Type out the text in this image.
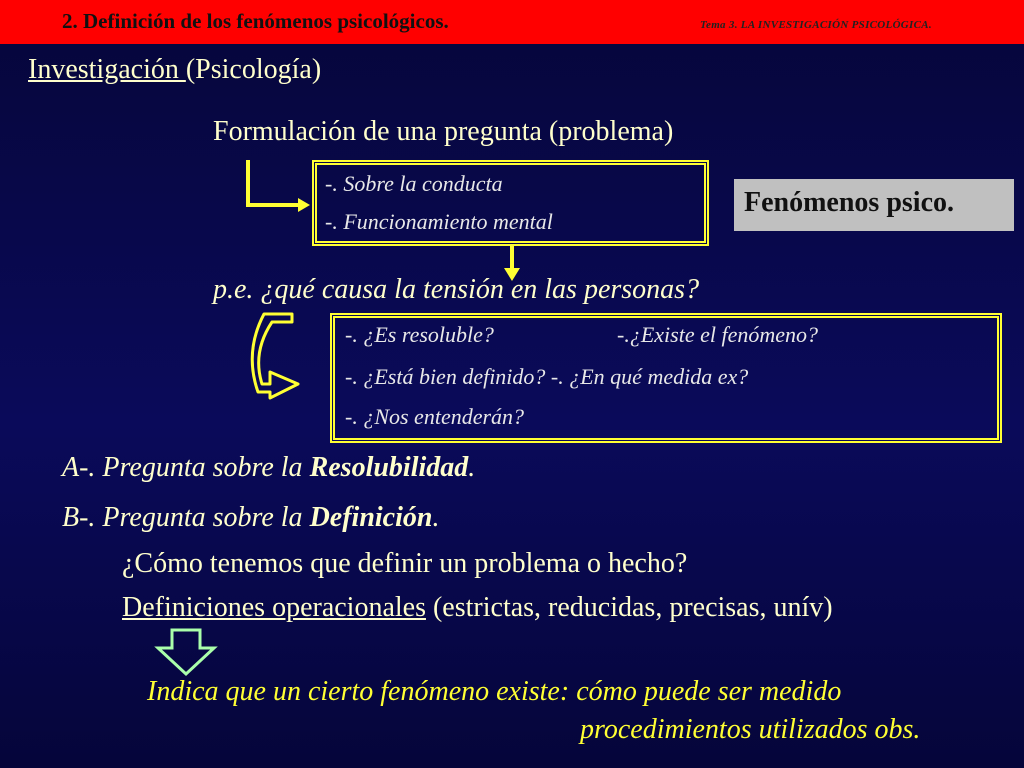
2. Definición de los fenómenos psicológicos.	Tema 3. LA INVESTIGACIÓN PSICOLÓGICA.
Investigación (Psicología)
Formulación de una pregunta (problema)
-. Sobre la conducta
-. Funcionamiento mental
Fenómenos psico.
p.e. ¿qué causa la tensión en las personas?
-. ¿Es resoluble?	-.¿Existe el fenómeno?
-. ¿Está bien definido? -. ¿En qué medida ex?
-. ¿Nos entenderán?
A-. Pregunta sobre la Resolubilidad.
B-. Pregunta sobre la Definición.
¿Cómo tenemos que definir un problema o hecho?
Definiciones operacionales (estrictas, reducidas, precisas, unív)
Indica que un cierto fenómeno existe: cómo puede ser medido
procedimientos utilizados obs.
